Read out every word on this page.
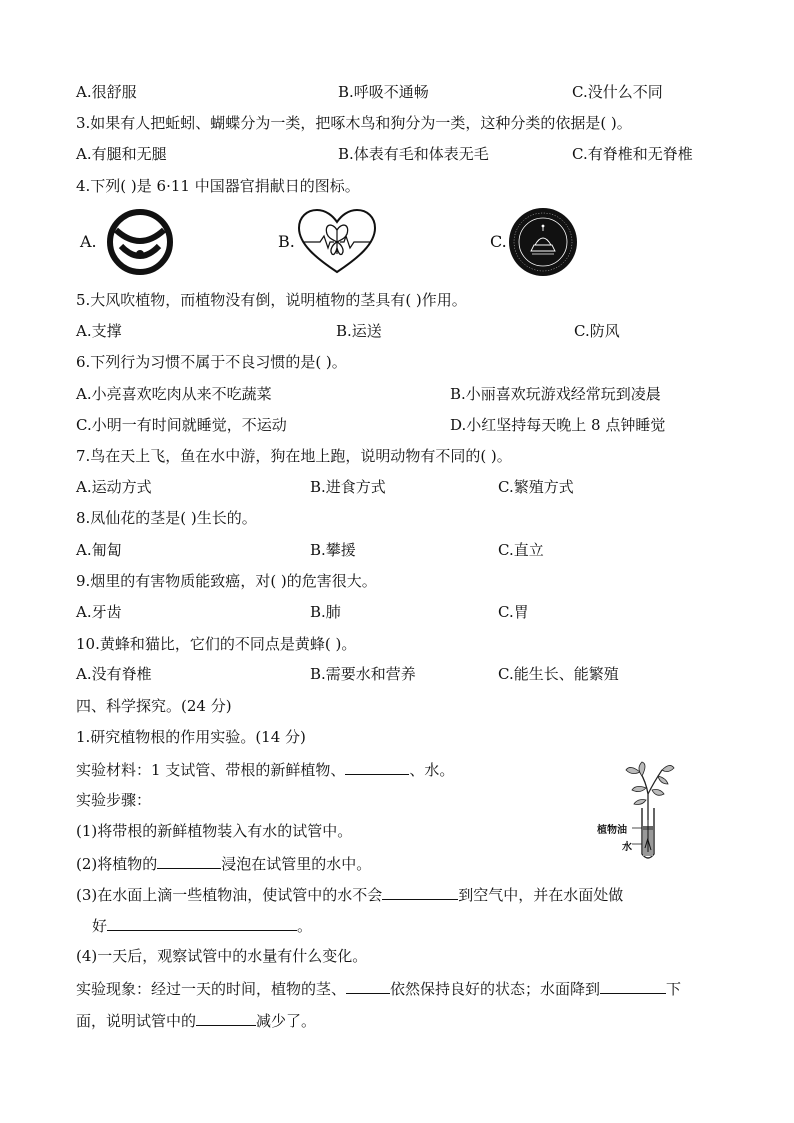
A.很舒服	B.呼吸不通畅	C.没什么不同
3.如果有人把蚯蚓、蝴蝶分为一类，把啄木鸟和狗分为一类，这种分类的依据是( )。
A.有腿和无腿	B.体表有毛和体表无毛	C.有脊椎和无脊椎
4.下列( )是 6·11 中国器官捐献日的图标。
A.	B.	C.
5.大风吹植物，而植物没有倒，说明植物的茎具有( )作用。
A.支撑	B.运送	C.防风
6.下列行为习惯不属于不良习惯的是( )。
A.小亮喜欢吃肉从来不吃蔬菜	B.小丽喜欢玩游戏经常玩到凌晨
C.小明一有时间就睡觉，不运动	D.小红坚持每天晚上 8 点钟睡觉
7.鸟在天上飞，鱼在水中游，狗在地上跑，说明动物有不同的( )。
A.运动方式	B.进食方式	C.繁殖方式
8.凤仙花的茎是( )生长的。
A.匍匐	B.攀援	C.直立
9.烟里的有害物质能致癌，对( )的危害很大。
A.牙齿	B.肺	C.胃
10.黄蜂和猫比，它们的不同点是黄蜂( )。
A.没有脊椎	B.需要水和营养	C.能生长、能繁殖
四、科学探究。(24 分)
1.研究植物根的作用实验。(14 分)
实验材料：1 支试管、带根的新鲜植物、	、水。
实验步骤：
(1)将带根的新鲜植物装入有水的试管中。
(2)将植物的	浸泡在试管里的水中。
(3)在水面上滴一些植物油，使试管中的水不会	到空气中，并在水面处做
好	。
(4)一天后，观察试管中的水量有什么变化。
实验现象：经过一天的时间，植物的茎、	依然保持良好的状态；水面降到	下
面，说明试管中的	减少了。
植物油
水
